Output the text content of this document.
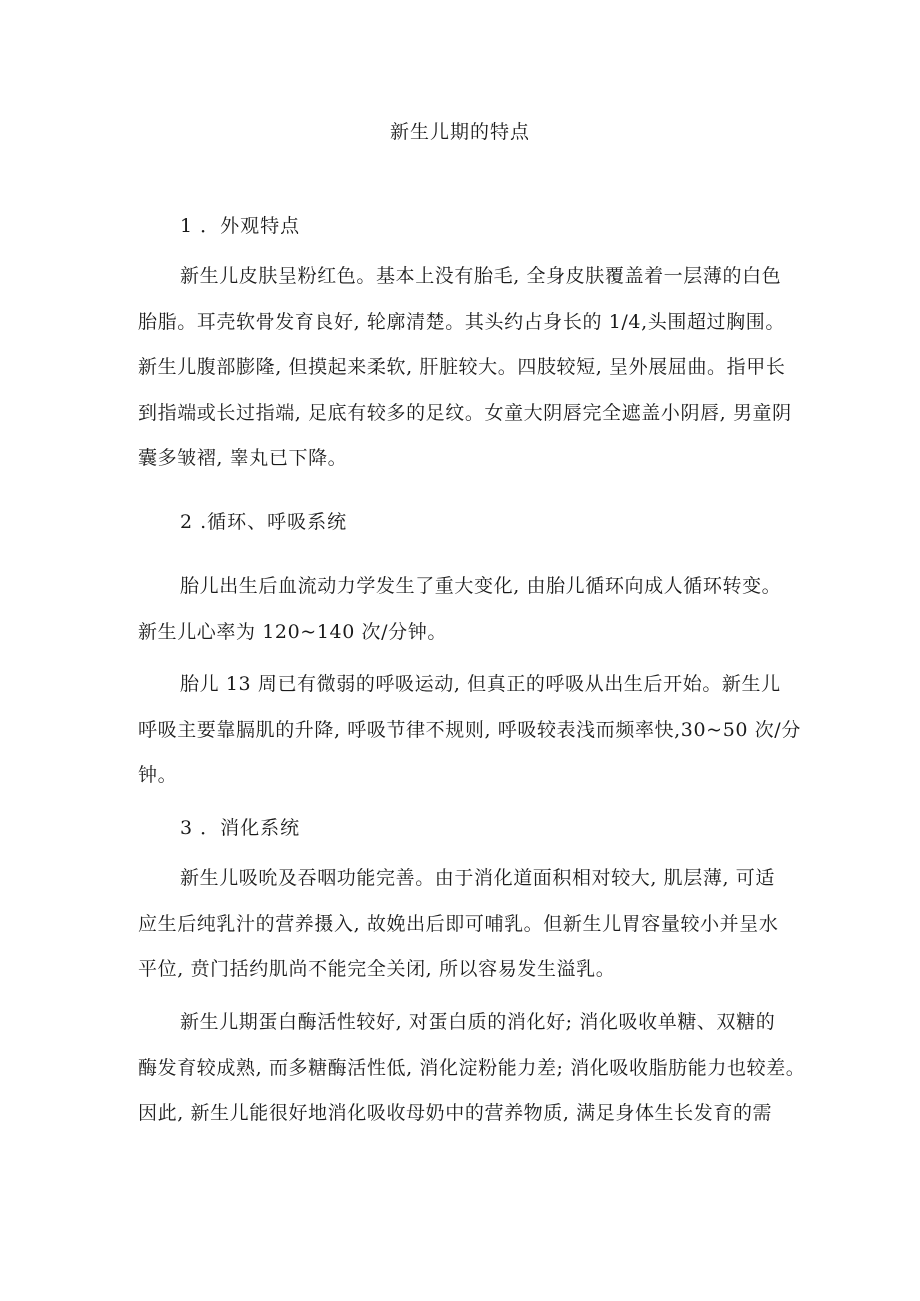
新生儿期的特点
1 ．外观特点
新生儿皮肤呈粉红色。基本上没有胎毛, 全身皮肤覆盖着一层薄的白色
胎脂。耳壳软骨发育良好, 轮廓清楚。其头约占身长的 1/4,头围超过胸围。
新生儿腹部膨隆, 但摸起来柔软, 肝脏较大。四肢较短, 呈外展屈曲。指甲长
到指端或长过指端, 足底有较多的足纹。女童大阴唇完全遮盖小阴唇, 男童阴
囊多皱褶, 睾丸已下降。
2 .循环、呼吸系统
胎儿出生后血流动力学发生了重大变化, 由胎儿循环向成人循环转变。
新生儿心率为 120~140 次/分钟。
胎儿 13 周已有微弱的呼吸运动, 但真正的呼吸从出生后开始。新生儿
呼吸主要靠膈肌的升降, 呼吸节律不规则, 呼吸较表浅而频率快,30~50 次/分
钟。
3 ．消化系统
新生儿吸吮及吞咽功能完善。由于消化道面积相对较大, 肌层薄, 可适
应生后纯乳汁的营养摄入, 故娩出后即可哺乳。但新生儿胃容量较小并呈水
平位, 贲门括约肌尚不能完全关闭, 所以容易发生溢乳。
新生儿期蛋白酶活性较好, 对蛋白质的消化好; 消化吸收单糖、双糖的
酶发育较成熟, 而多糖酶活性低, 消化淀粉能力差; 消化吸收脂肪能力也较差。
因此, 新生儿能很好地消化吸收母奶中的营养物质, 满足身体生长发育的需
